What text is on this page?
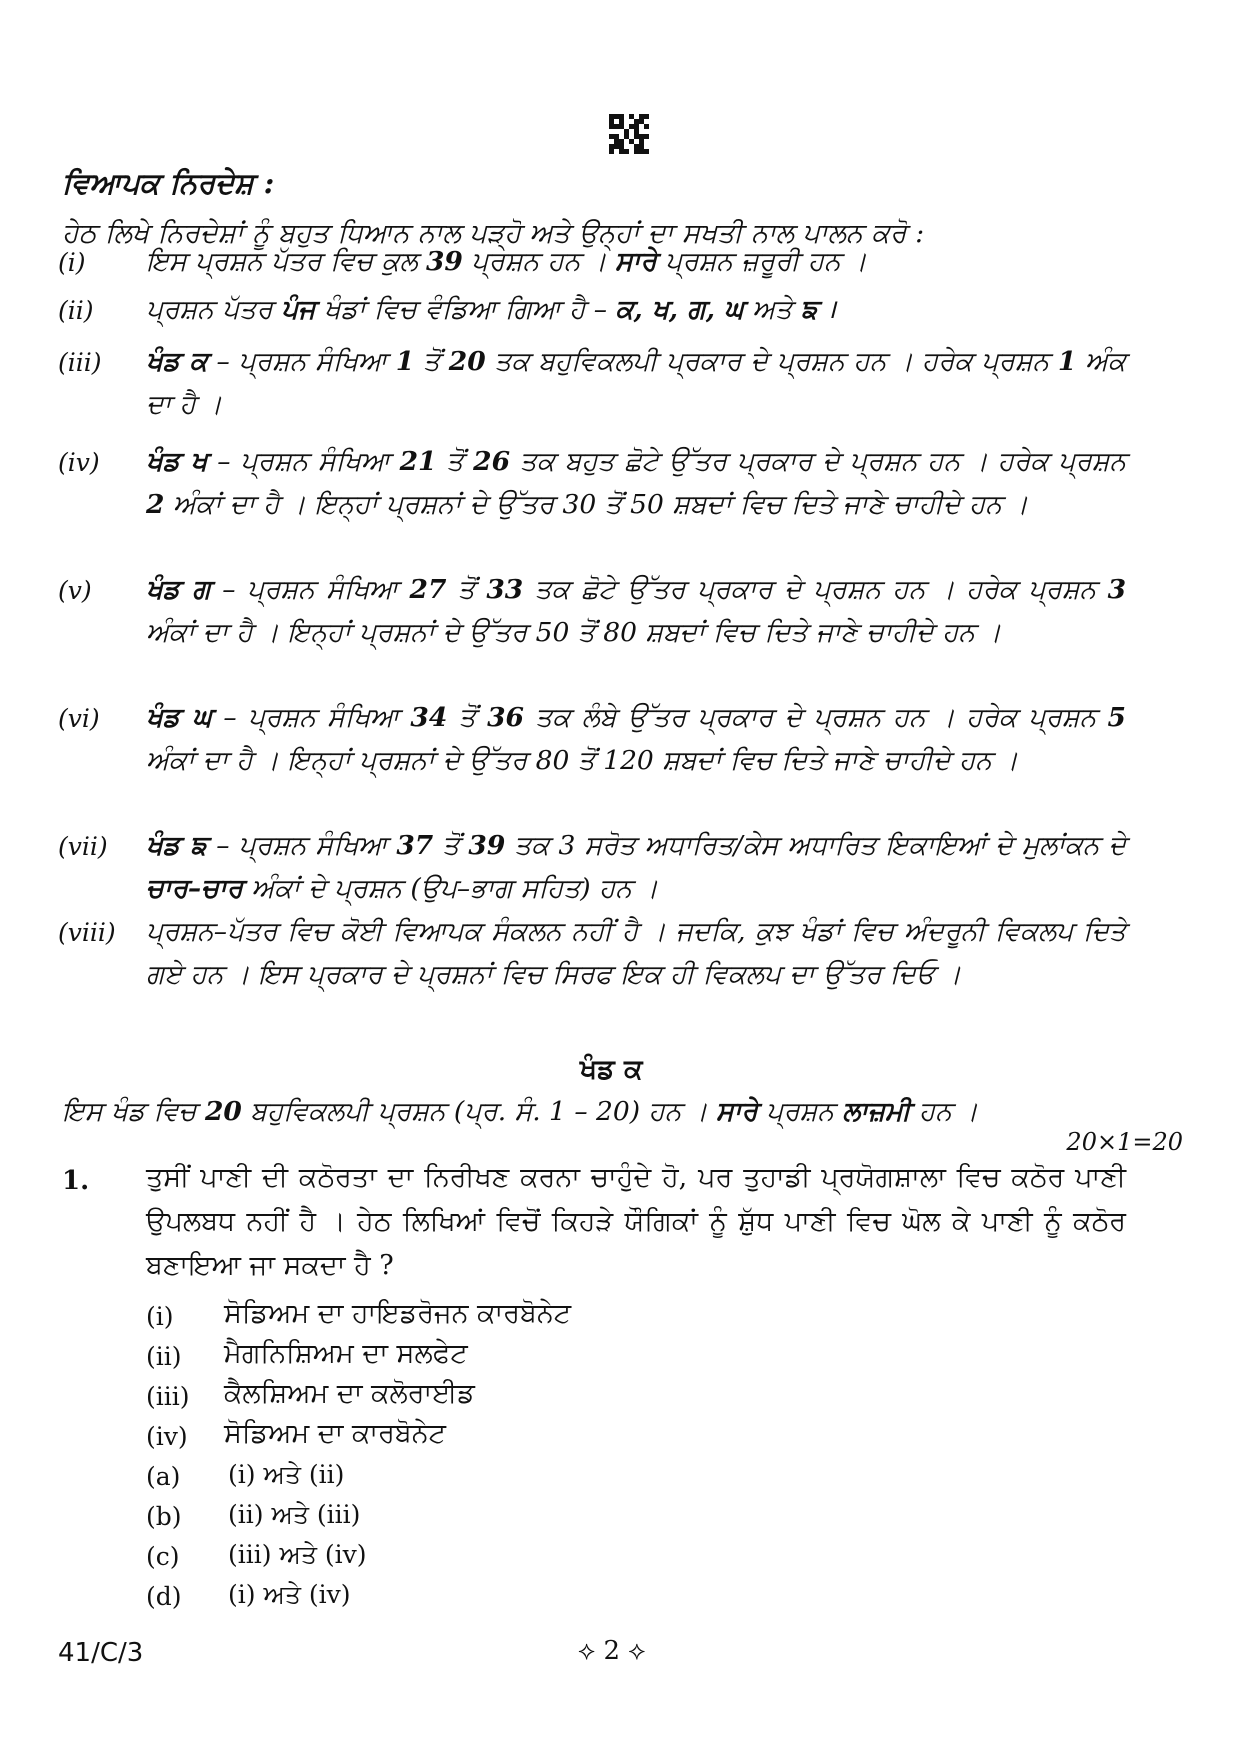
ਵਿਆਪਕ ਨਿਰਦੇਸ਼ :
ਹੇਠ ਲਿਖੇ ਨਿਰਦੇਸ਼ਾਂ ਨੂੰ ਬਹੁਤ ਧਿਆਨ ਨਾਲ ਪੜ੍ਹੋ ਅਤੇ ਉਨ੍ਹਾਂ ਦਾ ਸਖਤੀ ਨਾਲ ਪਾਲਨ ਕਰੋ :
(i) ਇਸ ਪ੍ਰਸ਼ਨ ਪੱਤਰ ਵਿਚ ਕੁਲ 39 ਪ੍ਰਸ਼ਨ ਹਨ । ਸਾਰੇ ਪ੍ਰਸ਼ਨ ਜ਼ਰੂਰੀ ਹਨ ।
(ii) ਪ੍ਰਸ਼ਨ ਪੱਤਰ ਪੰਜ ਖੰਡਾਂ ਵਿਚ ਵੰਡਿਆ ਗਿਆ ਹੈ – ਕ, ਖ, ਗ, ਘ ਅਤੇ ਙ ।
(iii) ਖੰਡ ਕ – ਪ੍ਰਸ਼ਨ ਸੰਖਿਆ 1 ਤੋਂ 20 ਤਕ ਬਹੁਵਿਕਲਪੀ ਪ੍ਰਕਾਰ ਦੇ ਪ੍ਰਸ਼ਨ ਹਨ । ਹਰੇਕ ਪ੍ਰਸ਼ਨ 1 ਅੰਕ ਦਾ ਹੈ ।
(iv) ਖੰਡ ਖ – ਪ੍ਰਸ਼ਨ ਸੰਖਿਆ 21 ਤੋਂ 26 ਤਕ ਬਹੁਤ ਛੋਟੇ ਉੱਤਰ ਪ੍ਰਕਾਰ ਦੇ ਪ੍ਰਸ਼ਨ ਹਨ । ਹਰੇਕ ਪ੍ਰਸ਼ਨ 2 ਅੰਕਾਂ ਦਾ ਹੈ । ਇਨ੍ਹਾਂ ਪ੍ਰਸ਼ਨਾਂ ਦੇ ਉੱਤਰ 30 ਤੋਂ 50 ਸ਼ਬਦਾਂ ਵਿਚ ਦਿਤੇ ਜਾਣੇ ਚਾਹੀਦੇ ਹਨ ।
(v) ਖੰਡ ਗ – ਪ੍ਰਸ਼ਨ ਸੰਖਿਆ 27 ਤੋਂ 33 ਤਕ ਛੋਟੇ ਉੱਤਰ ਪ੍ਰਕਾਰ ਦੇ ਪ੍ਰਸ਼ਨ ਹਨ । ਹਰੇਕ ਪ੍ਰਸ਼ਨ 3 ਅੰਕਾਂ ਦਾ ਹੈ । ਇਨ੍ਹਾਂ ਪ੍ਰਸ਼ਨਾਂ ਦੇ ਉੱਤਰ 50 ਤੋਂ 80 ਸ਼ਬਦਾਂ ਵਿਚ ਦਿਤੇ ਜਾਣੇ ਚਾਹੀਦੇ ਹਨ ।
(vi) ਖੰਡ ਘ – ਪ੍ਰਸ਼ਨ ਸੰਖਿਆ 34 ਤੋਂ 36 ਤਕ ਲੰਬੇ ਉੱਤਰ ਪ੍ਰਕਾਰ ਦੇ ਪ੍ਰਸ਼ਨ ਹਨ । ਹਰੇਕ ਪ੍ਰਸ਼ਨ 5 ਅੰਕਾਂ ਦਾ ਹੈ । ਇਨ੍ਹਾਂ ਪ੍ਰਸ਼ਨਾਂ ਦੇ ਉੱਤਰ 80 ਤੋਂ 120 ਸ਼ਬਦਾਂ ਵਿਚ ਦਿਤੇ ਜਾਣੇ ਚਾਹੀਦੇ ਹਨ ।
(vii) ਖੰਡ ਙ – ਪ੍ਰਸ਼ਨ ਸੰਖਿਆ 37 ਤੋਂ 39 ਤਕ 3 ਸਰੋਤ ਅਧਾਰਿਤ/ਕੇਸ ਅਧਾਰਿਤ ਇਕਾਇਆਂ ਦੇ ਮੁਲਾਂਕਨ ਦੇ ਚਾਰ–ਚਾਰ ਅੰਕਾਂ ਦੇ ਪ੍ਰਸ਼ਨ (ਉਪ–ਭਾਗ ਸਹਿਤ) ਹਨ ।
(viii) ਪ੍ਰਸ਼ਨ–ਪੱਤਰ ਵਿਚ ਕੋਈ ਵਿਆਪਕ ਸੰਕਲਨ ਨਹੀਂ ਹੈ । ਜਦਕਿ, ਕੁਝ ਖੰਡਾਂ ਵਿਚ ਅੰਦਰੂਨੀ ਵਿਕਲਪ ਦਿਤੇ ਗਏ ਹਨ । ਇਸ ਪ੍ਰਕਾਰ ਦੇ ਪ੍ਰਸ਼ਨਾਂ ਵਿਚ ਸਿਰਫ ਇਕ ਹੀ ਵਿਕਲਪ ਦਾ ਉੱਤਰ ਦਿਓ ।
ਖੰਡ ਕ
ਇਸ ਖੰਡ ਵਿਚ 20 ਬਹੁਵਿਕਲਪੀ ਪ੍ਰਸ਼ਨ (ਪ੍ਰ. ਸੰ. 1 – 20) ਹਨ । ਸਾਰੇ ਪ੍ਰਸ਼ਨ ਲਾਜ਼ਮੀ ਹਨ ।
20×1=20
1. ਤੁਸੀਂ ਪਾਣੀ ਦੀ ਕਠੋਰਤਾ ਦਾ ਨਿਰੀਖਣ ਕਰਨਾ ਚਾਹੁੰਦੇ ਹੋ, ਪਰ ਤੁਹਾਡੀ ਪ੍ਰਯੋਗਸ਼ਾਲਾ ਵਿਚ ਕਠੋਰ ਪਾਣੀ ਉਪਲਬਧ ਨਹੀਂ ਹੈ । ਹੇਠ ਲਿਖਿਆਂ ਵਿਚੋਂ ਕਿਹੜੇ ਯੌਗਿਕਾਂ ਨੂੰ ਸ਼ੁੱਧ ਪਾਣੀ ਵਿਚ ਘੋਲ ਕੇ ਪਾਣੀ ਨੂੰ ਕਠੋਰ ਬਣਾਇਆ ਜਾ ਸਕਦਾ ਹੈ ?
(i) ਸੋਡਿਅਮ ਦਾ ਹਾਇਡਰੋਜਨ ਕਾਰਬੋਨੇਟ
(ii) ਮੈਗਨਿਸ਼ਿਅਮ ਦਾ ਸਲਫੇਟ
(iii) ਕੈਲਸ਼ਿਅਮ ਦਾ ਕਲੋਰਾਈਡ
(iv) ਸੋਡਿਅਮ ਦਾ ਕਾਰਬੋਨੇਟ
(a) (i) ਅਤੇ (ii)
(b) (ii) ਅਤੇ (iii)
(c) (iii) ਅਤੇ (iv)
(d) (i) ਅਤੇ (iv)
41/C/3	⟡ 2 ⟡
